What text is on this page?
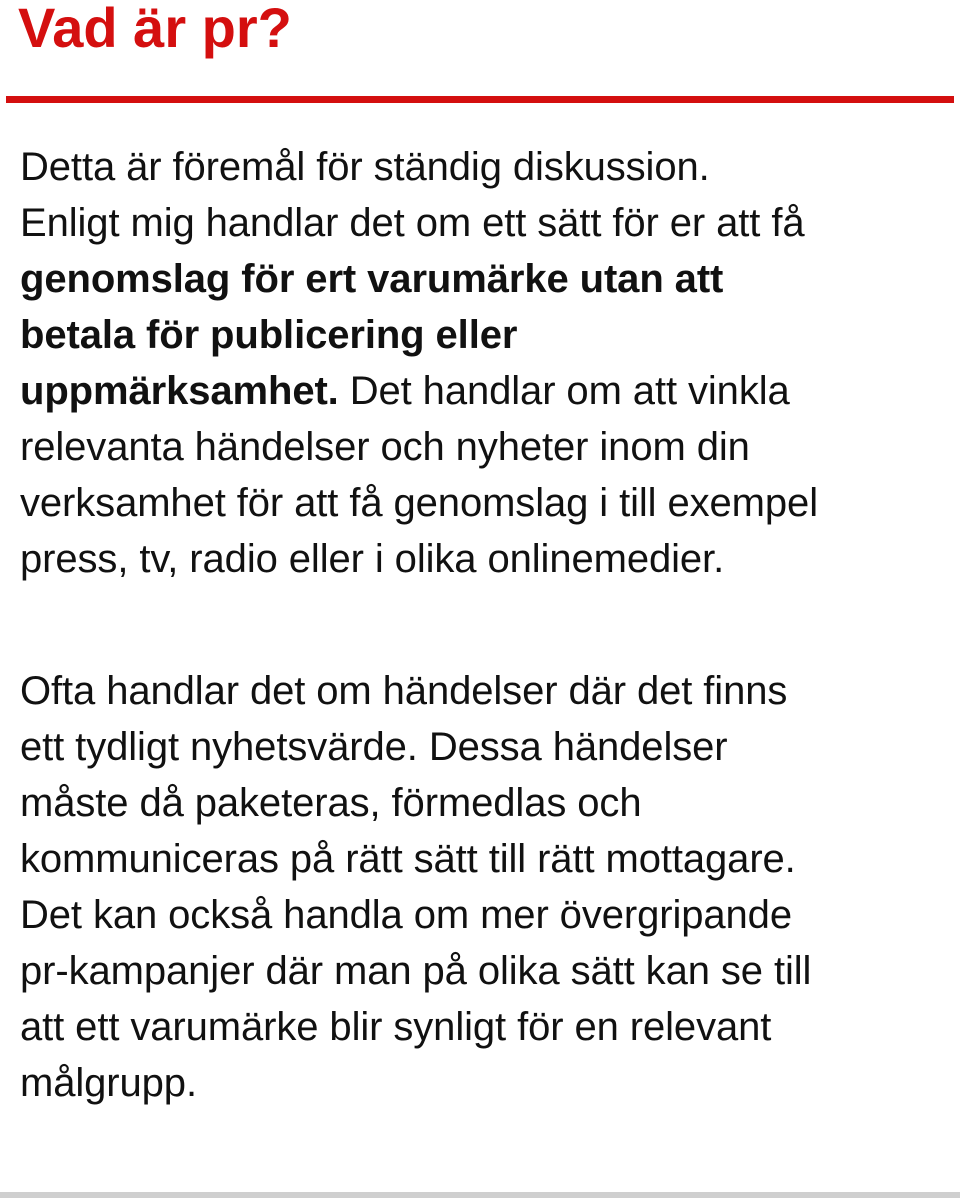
Vad är pr?

Detta är föremål för ständig diskussion.
Enligt mig handlar det om ett sätt för er att få
genomslag för ert varumärke utan att
betala för publicering eller
uppmärksamhet. Det handlar om att vinkla
relevanta händelser och nyheter inom din
verksamhet för att få genomslag i till exempel
press, tv, radio eller i olika onlinemedier.

Ofta handlar det om händelser där det finns
ett tydligt nyhetsvärde. Dessa händelser
måste då paketeras, förmedlas och
kommuniceras på rätt sätt till rätt mottagare.
Det kan också handla om mer övergripande
pr-kampanjer där man på olika sätt kan se till
att ett varumärke blir synligt för en relevant
målgrupp.
